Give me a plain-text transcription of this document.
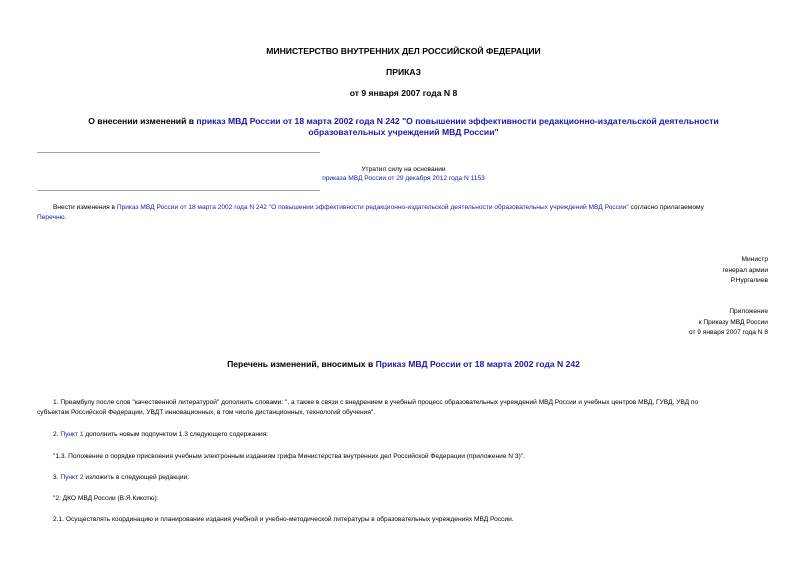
МИНИСТЕРСТВО ВНУТРЕННИХ ДЕЛ РОССИЙСКОЙ ФЕДЕРАЦИИ
ПРИКАЗ
от 9 января 2007 года N 8

О внесении изменений в приказ МВД России от 18 марта 2002 года N 242 "О повышении эффективности редакционно-издательской деятельности

образовательных учреждений МВД России"

Утратил силу на основании

приказа МВД России от 29 декабря 2012 года N 1153

Внести изменения в Приказ МВД России от 18 марта 2002 года N 242 "О повышении эффективности редакционно-издательской деятельности образовательных учреждений МВД России" согласно прилагаемому

Перечню.

Министр

генерал армии

Р.Нургалиев

Приложение

к Приказу МВД России

от 9 января 2007 года N 8

Перечень изменений, вносимых в Приказ МВД России от 18 марта 2002 года N 242

1. Преамбулу после слов "качественной литературой" дополнить словами: ", а также в связи с внедрением в учебный процесс образовательных учреждений МВД России и учебных центров МВД, ГУВД, УВД по

субъектам Российской Федерации, УВДТ инновационных, в том числе дистанционных, технологий обучения".

2. Пункт 1 дополнить новым подпунктом 1.3 следующего содержания:
"1.3. Положение о порядке присвоения учебным электронным изданиям грифа Министерства внутренних дел Российской Федерации (приложение N 3)".
3. Пункт 2 изложить в следующей редакции:
"2. ДКО МВД России (В.Я.Кикотю):
2.1. Осуществлять координацию и планирование издания учебной и учебно-методической литературы в образовательных учреждениях МВД России.
